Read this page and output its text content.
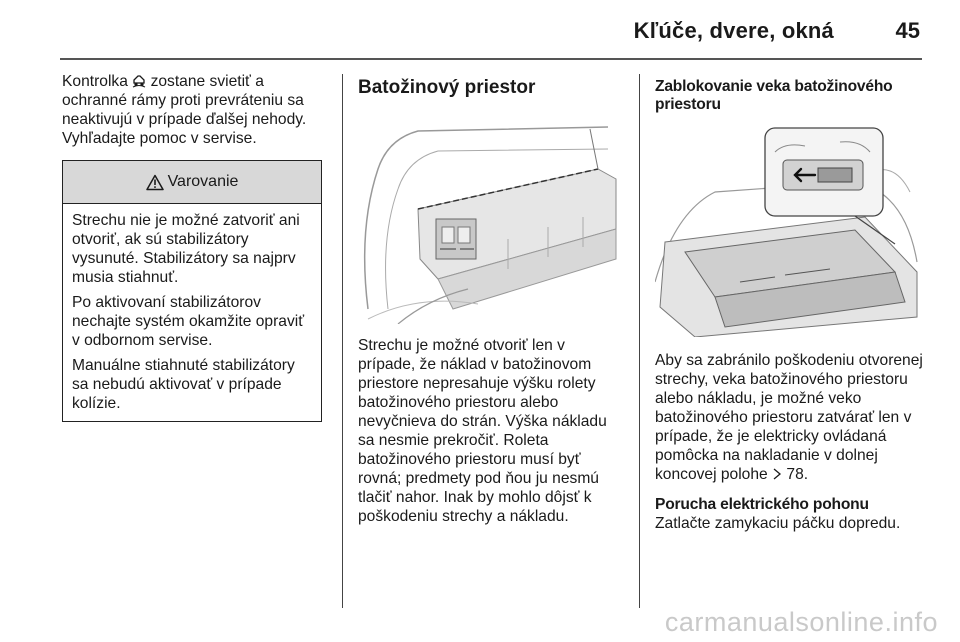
Kľúče, dvere, okná	45

Kontrolka zostane svietiť a ochranné rámy proti prevráteniu sa neaktivujú v prípade ďalšej nehody. Vyhľadajte pomoc v servise.

Varovanie

Strechu nie je možné zatvoriť ani otvoriť, ak sú stabilizátory vysunuté. Stabilizátory sa najprv musia stiahnuť.

Po aktivovaní stabilizátorov nechajte systém okamžite opraviť v odbornom servise.

Manuálne stiahnuté stabilizátory sa nebudú aktivovať v prípade kolízie.

Batožinový priestor

Strechu je možné otvoriť len v prípade, že náklad v batožinovom priestore nepresahuje výšku rolety batožinového priestoru alebo nevyčnieva do strán. Výška nákladu sa nesmie prekročiť. Roleta batožinového priestoru musí byť rovná; predmety pod ňou ju nesmú tlačiť nahor. Inak by mohlo dôjsť k poškodeniu strechy a nákladu.

Zablokovanie veka batožinového priestoru

Aby sa zabránilo poškodeniu otvorenej strechy, veka batožinového priestoru alebo nákladu, je možné veko batožinového priestoru zatvárať len v prípade, že je elektricky ovládaná pomôcka na nakladanie v dolnej koncovej polohe 78.

Porucha elektrického pohonu

Zatlačte zamykaciu páčku dopredu.

carmanualsonline.info
